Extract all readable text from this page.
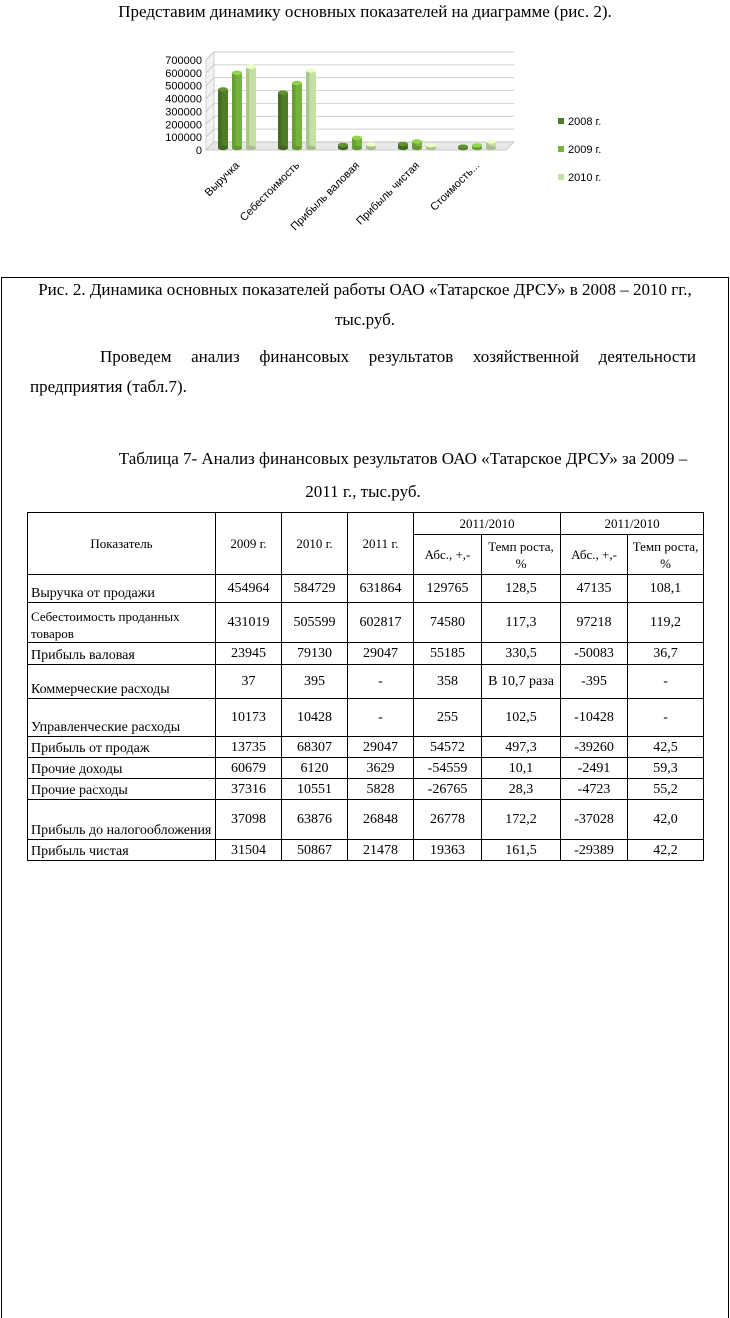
Представим динамику основных показателей на диаграмме (рис. 2).
0
100000
200000
300000
400000
500000
600000
700000
Выручка
Себестоимость
Прибыль валовая
Прибыль чистая Стоимость...
2008 г.
2009 г.
2010 г.
Рис. 2. Динамика основных показателей работы ОАО «Татарское ДРСУ» в 2008 – 2010 гг., тыс.руб.
Проведем анализ финансовых результатов хозяйственной деятельности предприятия (табл.7).
Таблица 7- Анализ финансовых результатов ОАО «Татарское ДРСУ» за 2009 – 2011 г., тыс.руб.
Показатель	2009 г.	2010 г.	2011 г.	2011/2010		2011/2010	
				Абс., +,-	Темп роста, %	Абс., +,-	Темп роста, %
Выручка от продажи	454964	584729	631864	129765	128,5	47135	108,1
Себестоимость проданных товаров	431019	505599	602817	74580	117,3	97218	119,2
Прибыль валовая	23945	79130	29047	55185	330,5	-50083	36,7
Коммерческие расходы	37	395	-	358	В 10,7 раза	-395	-
Управленческие расходы	10173	10428	-	255	102,5	-10428	-
Прибыль от продаж	13735	68307	29047	54572	497,3	-39260	42,5
Прочие доходы	60679	6120	3629	-54559	10,1	-2491	59,3
Прочие расходы	37316	10551	5828	-26765	28,3	-4723	55,2
Прибыль до налогообложения	37098	63876	26848	26778	172,2	-37028	42,0
Прибыль чистая	31504	50867	21478	19363	161,5	-29389	42,2
